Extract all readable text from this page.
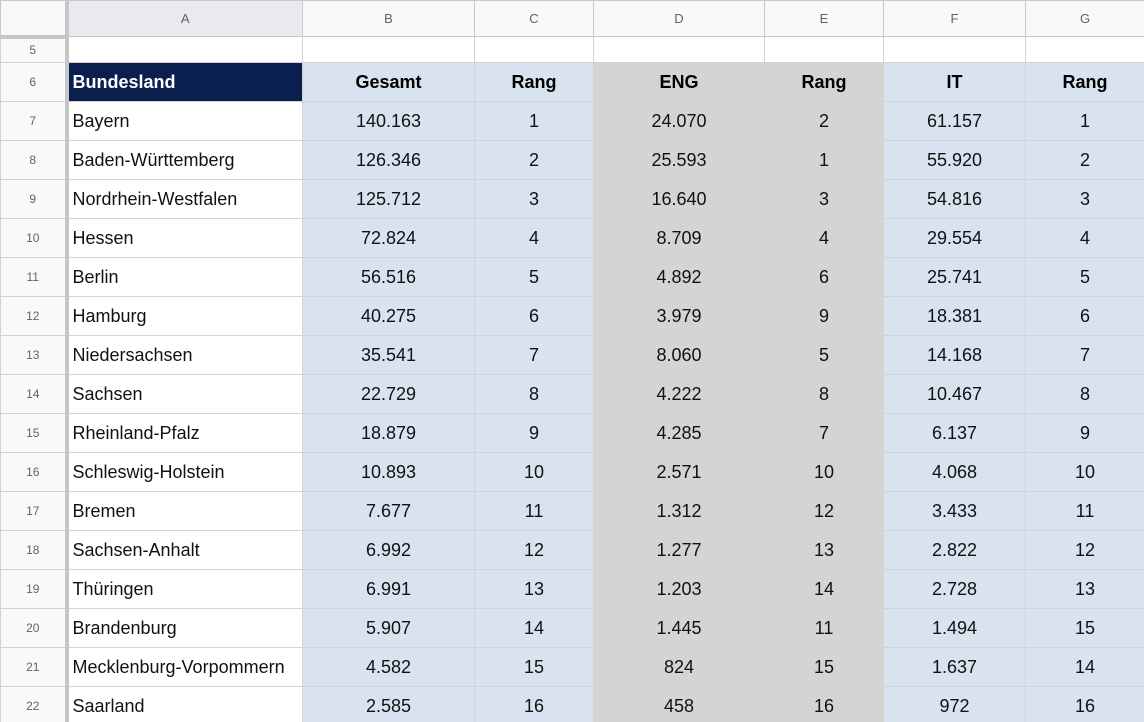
	A	B	C	D	E	F	G
5							
6	Bundesland	Gesamt	Rang	ENG	Rang	IT	Rang
7	Bayern	140.163	1	24.070	2	61.157	1
8	Baden-Württemberg	126.346	2	25.593	1	55.920	2
9	Nordrhein-Westfalen	125.712	3	16.640	3	54.816	3
10	Hessen	72.824	4	8.709	4	29.554	4
11	Berlin	56.516	5	4.892	6	25.741	5
12	Hamburg	40.275	6	3.979	9	18.381	6
13	Niedersachsen	35.541	7	8.060	5	14.168	7
14	Sachsen	22.729	8	4.222	8	10.467	8
15	Rheinland-Pfalz	18.879	9	4.285	7	6.137	9
16	Schleswig-Holstein	10.893	10	2.571	10	4.068	10
17	Bremen	7.677	11	1.312	12	3.433	11
18	Sachsen-Anhalt	6.992	12	1.277	13	2.822	12
19	Thüringen	6.991	13	1.203	14	2.728	13
20	Brandenburg	5.907	14	1.445	11	1.494	15
21	Mecklenburg-Vorpommern	4.582	15	824	15	1.637	14
22	Saarland	2.585	16	458	16	972	16
